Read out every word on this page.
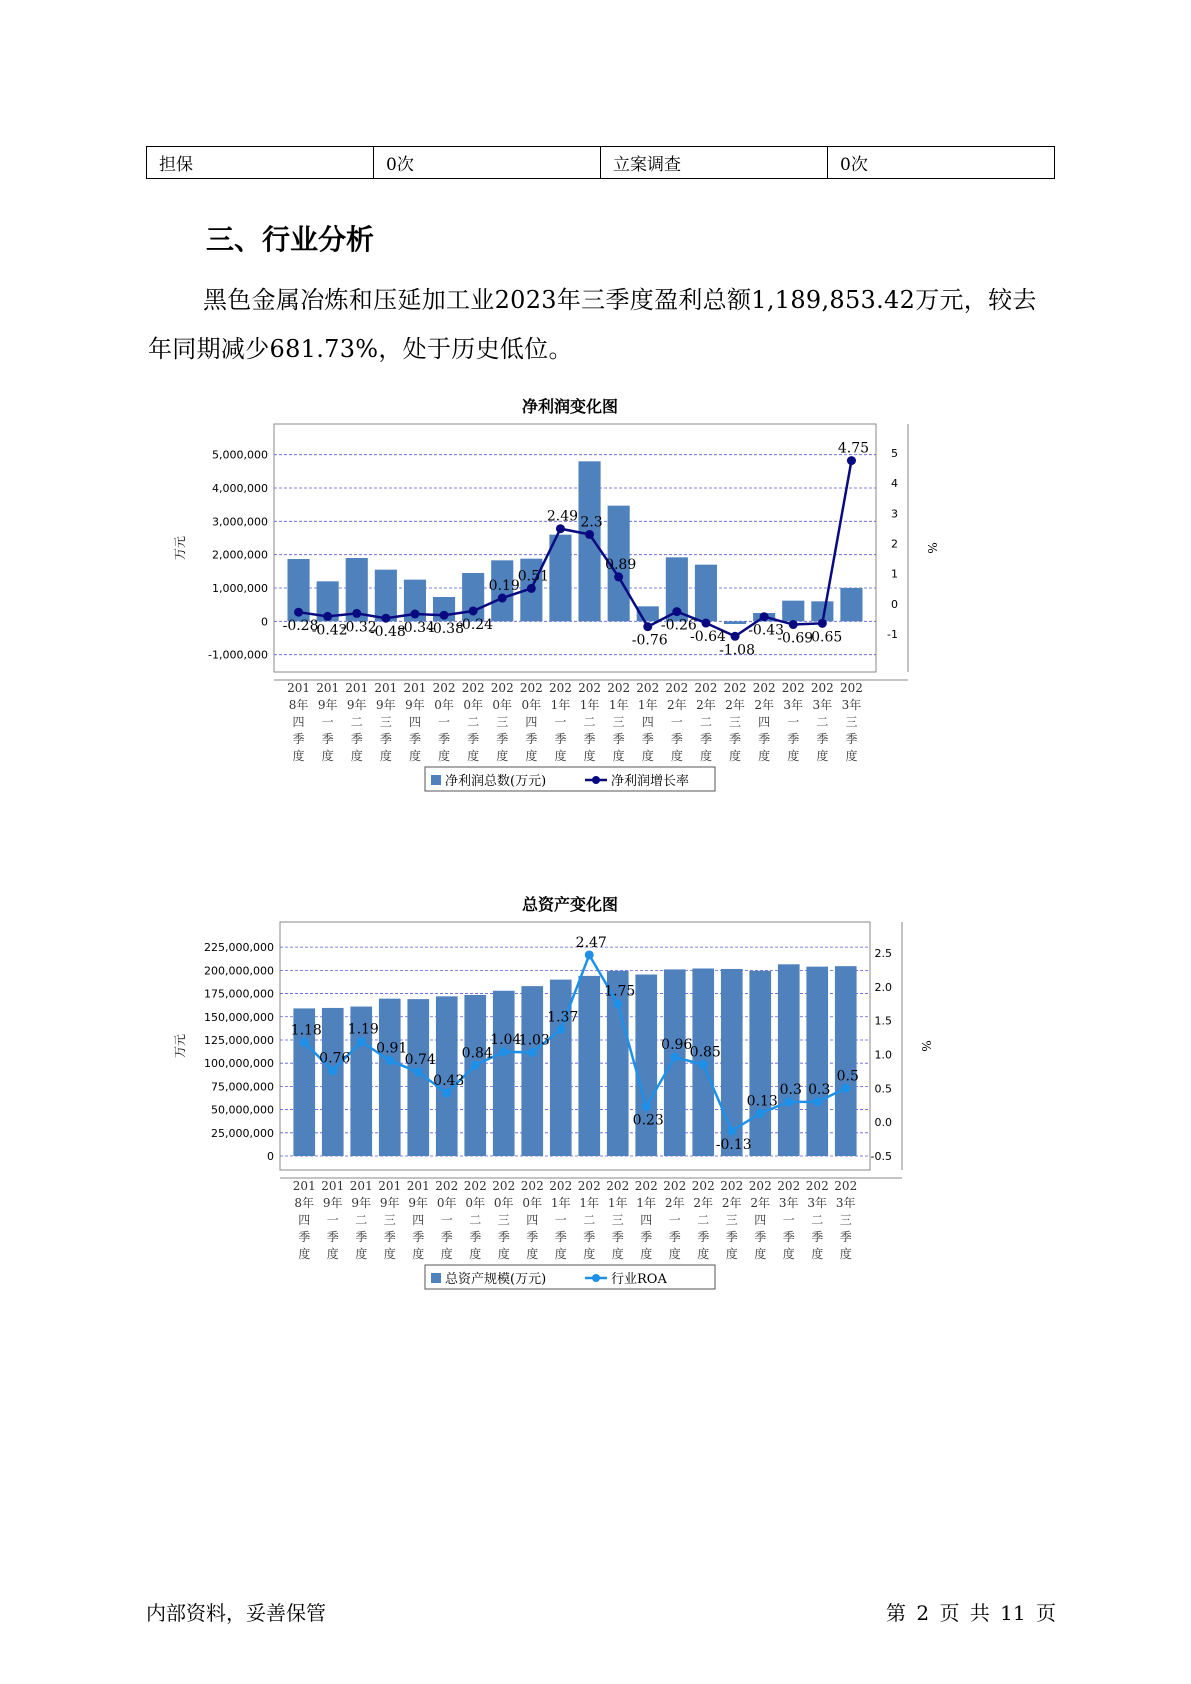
担保	0次	立案调查	0次
三、行业分析

黑色金属冶炼和压延加工业2023年三季度盈利总额1,189,853.42万元，较去年同期减少681.73%，处于历史低位。

净利润变化图
-1,000,000
0
1,000,000
2,000,000
3,000,000
4,000,000
5,000,000
-1
0
1
2
3
4
5
万元	%
-0.28
-0.42
-0.32
-0.48
-0.34
-0.38
-0.24
0.19
0.51
2.49 2.3
0.89
-0.76
-0.26
-0.64
-1.08
-0.43
-0.69
-0.65
4.75
201
8年
四
季
度
201
9年
一
季
度
201
9年
二
季
度
201
9年
三
季
度
201
9年
四
季
度
202
0年
一
季
度
202
0年
二
季
度
202
0年
三
季
度
202
0年
四
季
度
202
1年
一
季
度
202
1年
二
季
度
202
1年
三
季
度
202
1年
四
季
度
202
2年
一
季
度
202
2年
二
季
度
202
2年
三
季
度
202
2年
四
季
度
202
3年
一
季
度
202
3年
二
季
度
202
3年
三
季
度
净利润总数(万元)	净利润增长率
总资产变化图
0
25,000,000
50,000,000
75,000,000
100,000,000
125,000,000
150,000,000
175,000,000
200,000,000
225,000,000
-0.5
0.0
0.5
1.0
1.5
2.0
2.5
万元	%
1.18
0.76
1.19
0.91
0.74
0.43
0.84
1.04
1.03
1.37
2.47
1.75
0.23
0.96
0.85
-0.13
0.13
0.3 0.3
0.5
201
8年
四
季
度
201
9年
一
季
度
201
9年
二
季
度
201
9年
三
季
度
201
9年
四
季
度
202
0年
一
季
度
202
0年
二
季
度
202
0年
三
季
度
202
0年
四
季
度
202
1年
一
季
度
202
1年
二
季
度
202
1年
三
季
度
202
1年
四
季
度
202
2年
一
季
度
202
2年
二
季
度
202
2年
三
季
度
202
2年
四
季
度
202
3年
一
季
度
202
3年
二
季
度
202
3年
三
季
度
总资产规模(万元)	行业ROA
内部资料，妥善保管	第 2 页 共 11 页
